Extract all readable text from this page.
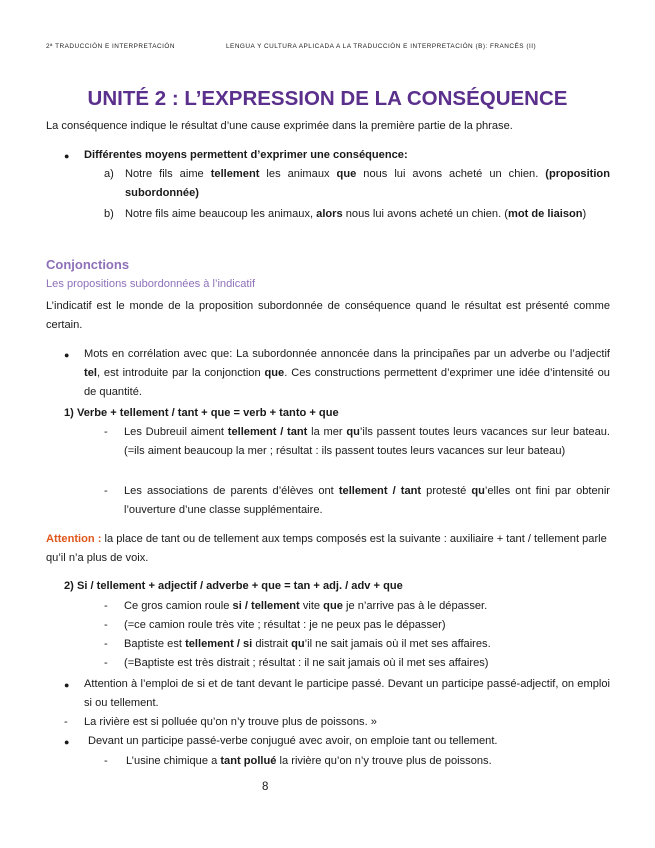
2ª TRADUCCIÓN E INTERPRETACIÓN	LENGUA Y CULTURA APLICADA A LA TRADUCCIÓN E INTERPRETACIÓN (B): FRANCÉS (II)
UNITÉ 2 : L’EXPRESSION DE LA CONSÉQUENCE
La conséquence indique le résultat d’une cause exprimée dans la première partie de la phrase.
● Différentes moyens permettent d’exprimer une conséquence:
a) Notre fils aime tellement les animaux que nous lui avons acheté un chien. (proposition subordonnée)
b) Notre fils aime beaucoup les animaux, alors nous lui avons acheté un chien. (mot de liaison)
Conjonctions
Les propositions subordonnées à l’indicatif
L’indicatif est le monde de la proposition subordonnée de conséquence quand le résultat est présenté comme certain.
● Mots en corrélation avec que: La subordonnée annoncée dans la principañes par un adverbe ou l’adjectif tel, est introduite par la conjonction que. Ces constructions permettent d’exprimer une idée d’intensité ou de quantité.
1) Verbe + tellement / tant + que = verb + tanto + que
- Les Dubreuil aiment tellement / tant la mer qu’ils passent toutes leurs vacances sur leur bateau. (=ils aiment beaucoup la mer ; résultat : ils passent toutes leurs vacances sur leur bateau)
- Les associations de parents d’élèves ont tellement / tant protesté qu’elles ont fini par obtenir l’ouverture d’une classe supplémentaire.
Attention : la place de tant ou de tellement aux temps composés est la suivante : auxiliaire + tant / tellement parle qu’il n’a plus de voix.
2) Si / tellement + adjectif / adverbe + que = tan + adj. / adv + que
- Ce gros camion roule si / tellement vite que je n’arrive pas à le dépasser.
- (=ce camion roule très vite ; résultat : je ne peux pas le dépasser)
- Baptiste est tellement / si distrait qu’il ne sait jamais où il met ses affaires.
- (=Baptiste est très distrait ; résultat : il ne sait jamais où il met ses affaires)
● Attention à l’emploi de si et de tant devant le participe passé. Devant un participe passé-adjectif, on emploi si ou tellement.
- La rivière est si polluée qu’on n’y trouve plus de poissons. »
● Devant un participe passé-verbe conjugué avec avoir, on emploie tant ou tellement.
- L’usine chimique a tant pollué la rivière qu’on n’y trouve plus de poissons.
8
